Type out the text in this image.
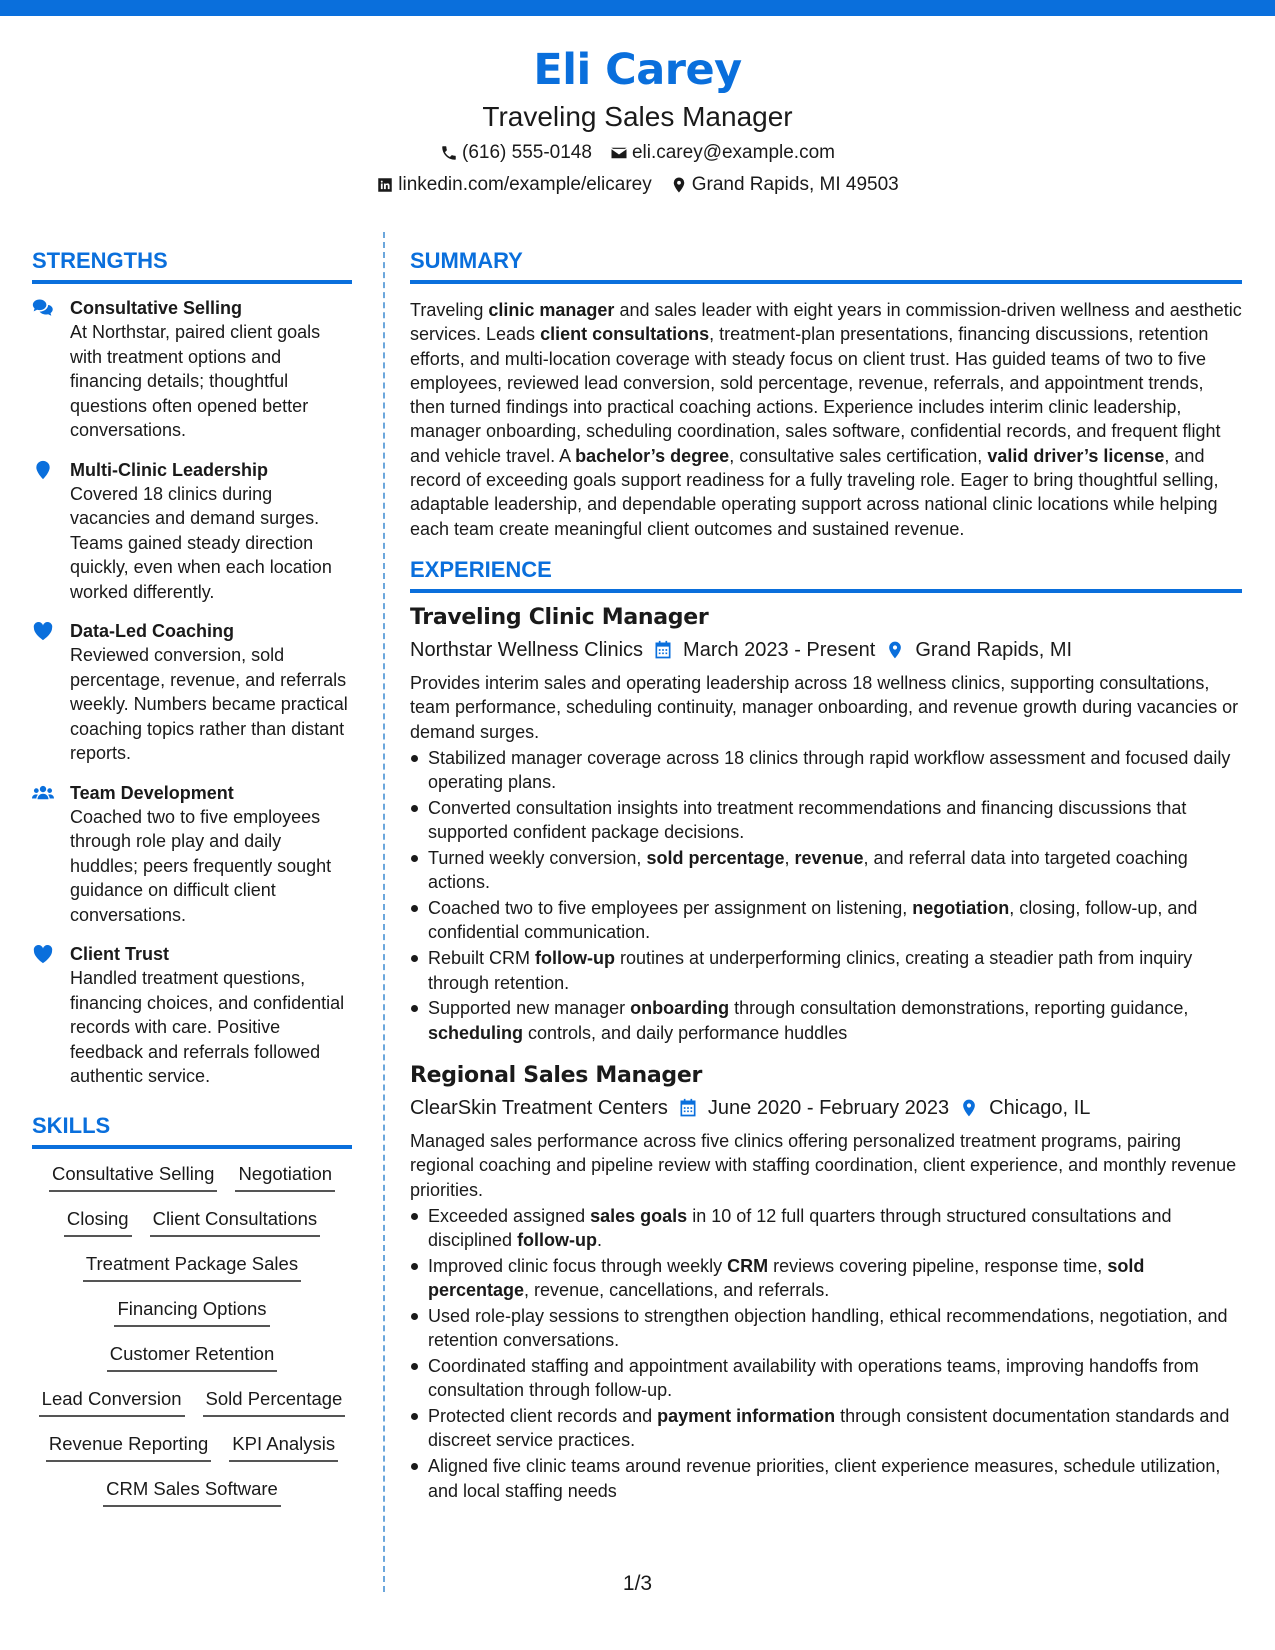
Eli Carey
Traveling Sales Manager
(616) 555-0148 eli.carey@example.com
linkedin.com/example/elicarey Grand Rapids, MI 49503
STRENGTHS
Consultative Selling

At Northstar, paired client goals with treatment options and financing details; thoughtful questions often opened better conversations.

Multi-Clinic Leadership

Covered 18 clinics during vacancies and demand surges. Teams gained steady direction quickly, even when each location worked differently.

Data-Led Coaching

Reviewed conversion, sold percentage, revenue, and referrals weekly. Numbers became practical coaching topics rather than distant reports.

Team Development

Coached two to five employees through role play and daily huddles; peers frequently sought guidance on difficult client conversations.

Client Trust

Handled treatment questions, financing choices, and confidential records with care. Positive feedback and referrals followed authentic service.

SKILLS
Consultative Selling Negotiation
Closing Client Consultations
Treatment Package Sales
Financing Options
Customer Retention
Lead Conversion Sold Percentage
Revenue Reporting KPI Analysis
CRM Sales Software
SUMMARY

Traveling clinic manager and sales leader with eight years in commission-driven wellness and aesthetic services. Leads client consultations, treatment-plan presentations, financing discussions, retention efforts, and multi-location coverage with steady focus on client trust. Has guided teams of two to five employees, reviewed lead conversion, sold percentage, revenue, referrals, and appointment trends, then turned findings into practical coaching actions. Experience includes interim clinic leadership, manager onboarding, scheduling coordination, sales software, confidential records, and frequent flight and vehicle travel. A bachelor’s degree, consultative sales certification, valid driver’s license, and record of exceeding goals support readiness for a fully traveling role. Eager to bring thoughtful selling, adaptable leadership, and dependable operating support across national clinic locations while helping each team create meaningful client outcomes and sustained revenue.

EXPERIENCE
Traveling Clinic Manager
Northstar Wellness Clinics March 2023 - Present Grand Rapids, MI

Provides interim sales and operating leadership across 18 wellness clinics, supporting consultations, team performance, scheduling continuity, manager onboarding, and revenue growth during vacancies or demand surges.

Stabilized manager coverage across 18 clinics through rapid workflow assessment and focused daily operating plans.
Converted consultation insights into treatment recommendations and financing discussions that supported confident package decisions.
Turned weekly conversion, sold percentage, revenue, and referral data into targeted coaching actions.
Coached two to five employees per assignment on listening, negotiation, closing, follow-up, and confidential communication.
Rebuilt CRM follow-up routines at underperforming clinics, creating a steadier path from inquiry through retention.
Supported new manager onboarding through consultation demonstrations, reporting guidance, scheduling controls, and daily performance huddles
Regional Sales Manager
ClearSkin Treatment Centers June 2020 - February 2023 Chicago, IL

Managed sales performance across five clinics offering personalized treatment programs, pairing regional coaching and pipeline review with staffing coordination, client experience, and monthly revenue priorities.

Exceeded assigned sales goals in 10 of 12 full quarters through structured consultations and disciplined follow-up.
Improved clinic focus through weekly CRM reviews covering pipeline, response time, sold percentage, revenue, cancellations, and referrals.
Used role-play sessions to strengthen objection handling, ethical recommendations, negotiation, and retention conversations.
Coordinated staffing and appointment availability with operations teams, improving handoffs from consultation through follow-up.
Protected client records and payment information through consistent documentation standards and discreet service practices.
Aligned five clinic teams around revenue priorities, client experience measures, schedule utilization, and local staffing needs
1/3
